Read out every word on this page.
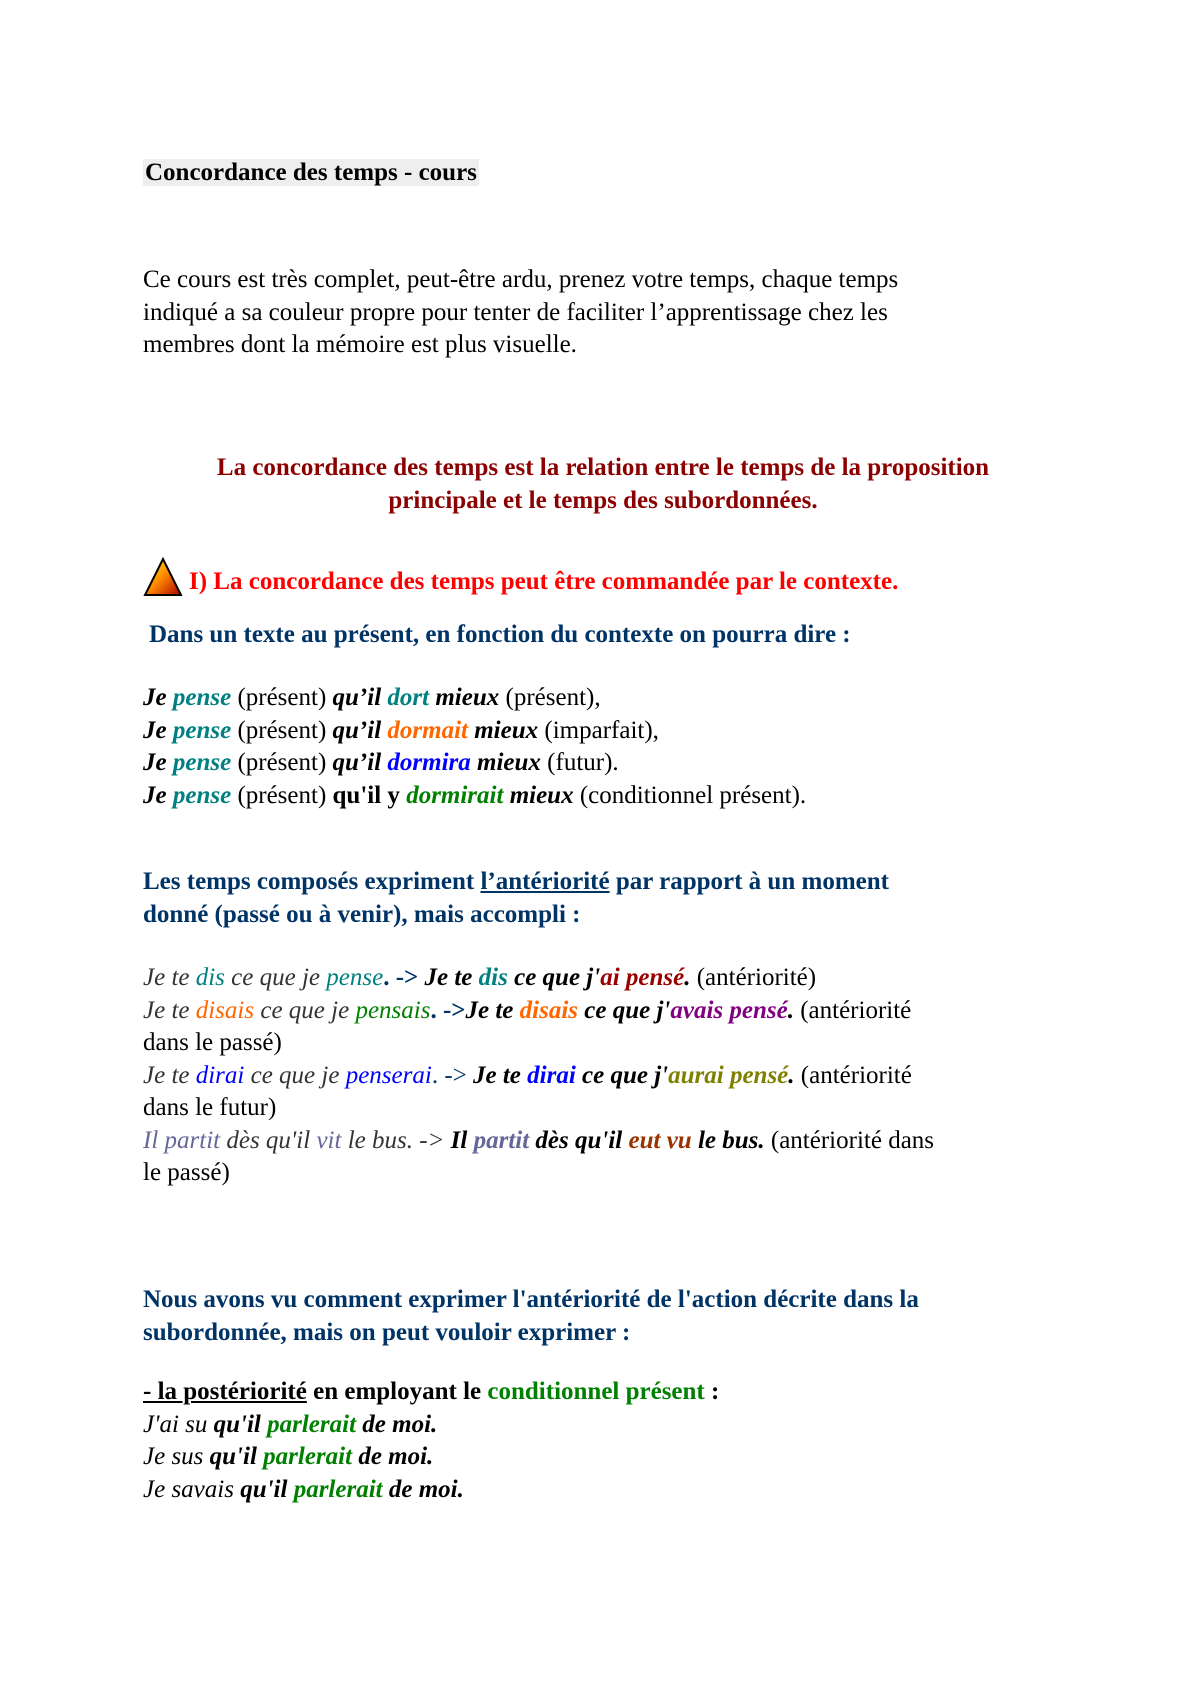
Concordance des temps - cours

Ce cours est très complet, peut-être ardu, prenez votre temps, chaque temps
indiqué a sa couleur propre pour tenter de faciliter l’apprentissage chez les
membres dont la mémoire est plus visuelle.

La concordance des temps est la relation entre le temps de la proposition
principale et le temps des subordonnées.

I) La concordance des temps peut être commandée par le contexte.

Dans un texte au présent, en fonction du contexte on pourra dire :

Je pense (présent) qu’il dort mieux (présent),
Je pense (présent) qu’il dormait mieux (imparfait),
Je pense (présent) qu’il dormira mieux (futur).
Je pense (présent) qu'il y dormirait mieux (conditionnel présent).

Les temps composés expriment l’antériorité par rapport à un moment
donné (passé ou à venir), mais accompli :

Je te dis ce que je pense. -> Je te dis ce que j'ai pensé. (antériorité)
Je te disais ce que je pensais. ->Je te disais ce que j'avais pensé. (antériorité
dans le passé)
Je te dirai ce que je penserai. -> Je te dirai ce que j'aurai pensé. (antériorité
dans le futur)
Il partit dès qu'il vit le bus. -> Il partit dès qu'il eut vu le bus. (antériorité dans
le passé)

Nous avons vu comment exprimer l'antériorité de l'action décrite dans la
subordonnée, mais on peut vouloir exprimer :

- la postériorité en employant le conditionnel présent :
J'ai su qu'il parlerait de moi.
Je sus qu'il parlerait de moi.
Je savais qu'il parlerait de moi.
